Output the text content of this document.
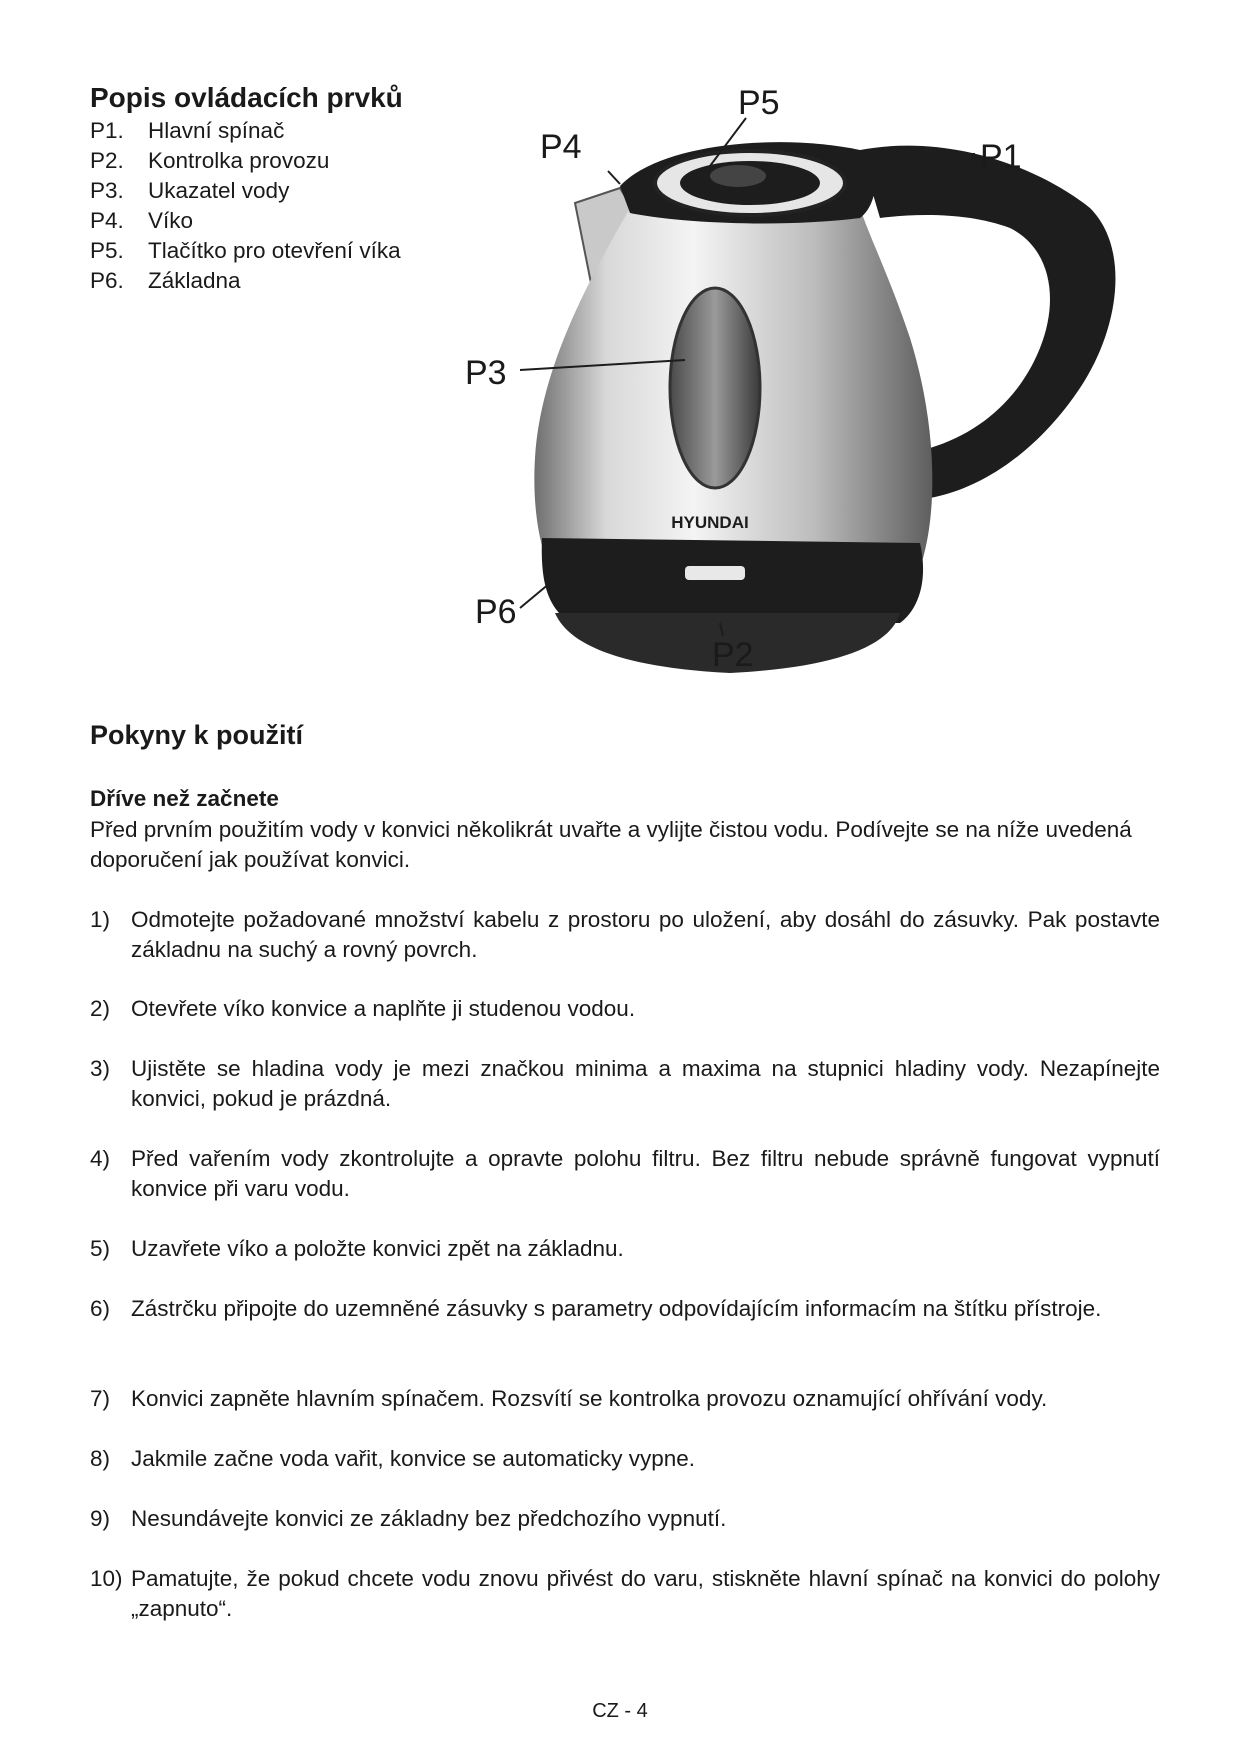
Popis ovládacích prvků
P1.	Hlavní spínač
P2.	Kontrolka provozu
P3.	Ukazatel vody
P4.	Víko
P5.	Tlačítko pro otevření víka
P6.	Základna
HYUNDAI
P4
P5
P1
P3
P6
P2
Pokyny k použití
Dříve než začnete
Před prvním použitím vody v konvici několikrát uvařte a vylijte čistou vodu. Podívejte se na níže uvedená doporučení jak používat konvici.
1) Odmotejte požadované množství kabelu z prostoru po uložení, aby dosáhl do zásuvky. Pak postavte základnu na suchý a rovný povrch.
2) Otevřete víko konvice a naplňte ji studenou vodou.
3) Ujistěte se hladina vody je mezi značkou minima a maxima na stupnici hladiny vody. Nezapínejte konvici, pokud je prázdná.
4) Před vařením vody zkontrolujte a opravte polohu filtru. Bez filtru nebude správně fungovat vypnutí konvice při varu vodu.
5) Uzavřete víko a položte konvici zpět na základnu.
6) Zástrčku připojte do uzemněné zásuvky s parametry odpovídajícím informacím na štítku přístroje.
7) Konvici zapněte hlavním spínačem. Rozsvítí se kontrolka provozu oznamující ohřívání vody.
8) Jakmile začne voda vařit, konvice se automaticky vypne.
9) Nesundávejte konvici ze základny bez předchozího vypnutí.
10) Pamatujte, že pokud chcete vodu znovu přivést do varu, stiskněte hlavní spínač na konvici do polohy „zapnuto“.
CZ - 4
